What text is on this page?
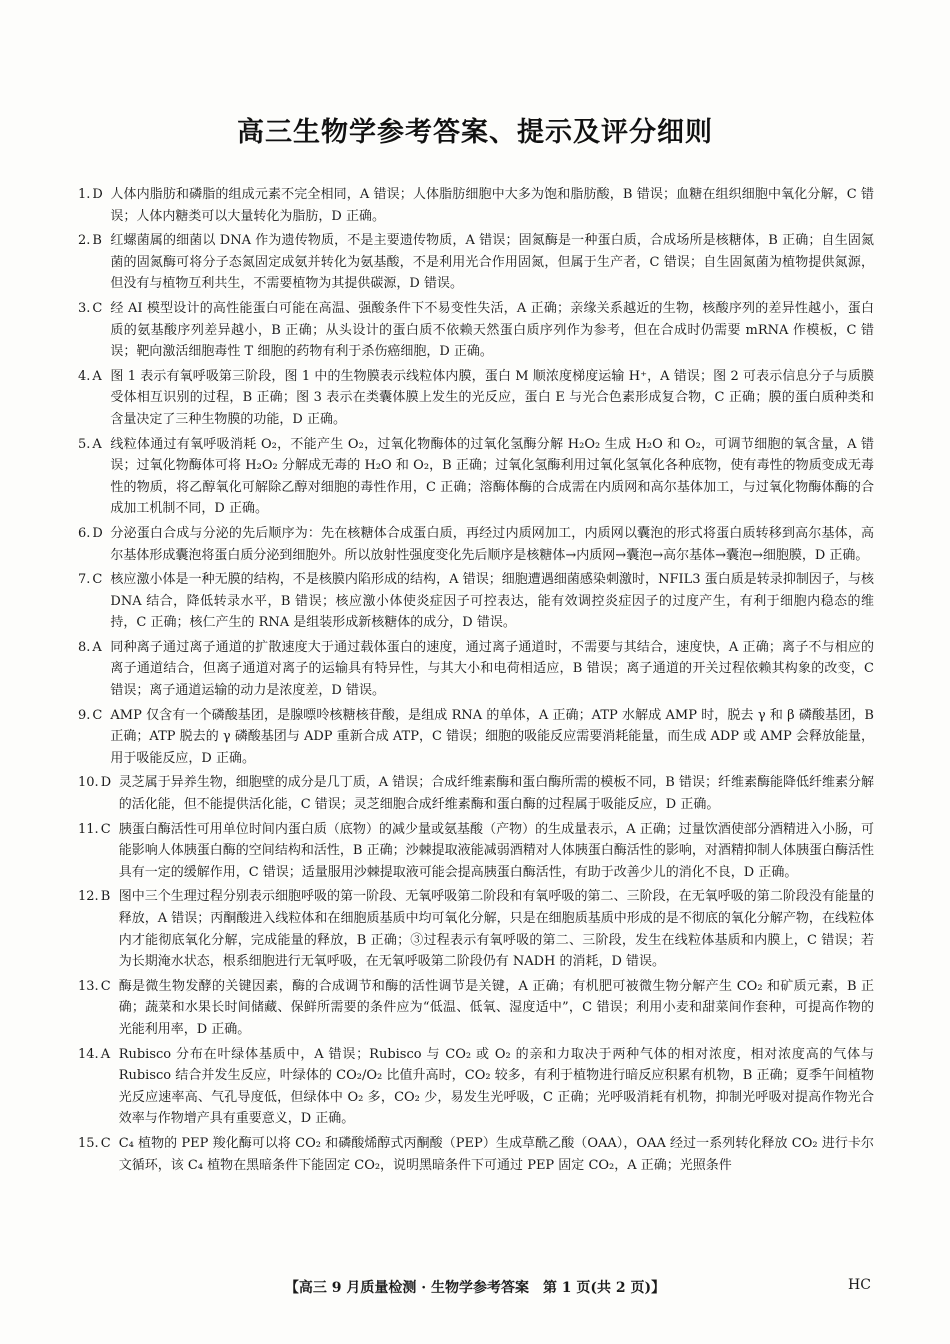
高三生物学参考答案、提示及评分细则
1. D 人体内脂肪和磷脂的组成元素不完全相同，A 错误；人体脂肪细胞中大多为饱和脂肪酸，B 错误；血糖在组织细胞中氧化分解，C 错误；人体内糖类可以大量转化为脂肪，D 正确。
2. B 红螺菌属的细菌以 DNA 作为遗传物质，不是主要遗传物质，A 错误；固氮酶是一种蛋白质，合成场所是核糖体，B 正确；自生固氮菌的固氮酶可将分子态氮固定成氨并转化为氨基酸，不是利用光合作用固氮，但属于生产者，C 错误；自生固氮菌为植物提供氮源，但没有与植物互利共生，不需要植物为其提供碳源，D 错误。
3. C 经 AI 模型设计的高性能蛋白可能在高温、强酸条件下不易变性失活，A 正确；亲缘关系越近的生物，核酸序列的差异性越小，蛋白质的氨基酸序列差异越小，B 正确；从头设计的蛋白质不依赖天然蛋白质序列作为参考，但在合成时仍需要 mRNA 作模板，C 错误；靶向激活细胞毒性 T 细胞的药物有利于杀伤癌细胞，D 正确。
4. A 图 1 表示有氧呼吸第三阶段，图 1 中的生物膜表示线粒体内膜，蛋白 M 顺浓度梯度运输 H⁺，A 错误；图 2 可表示信息分子与质膜受体相互识别的过程，B 正确；图 3 表示在类囊体膜上发生的光反应，蛋白 E 与光合色素形成复合物，C 正确；膜的蛋白质种类和含量决定了三种生物膜的功能，D 正确。
5. A 线粒体通过有氧呼吸消耗 O₂，不能产生 O₂，过氧化物酶体的过氧化氢酶分解 H₂O₂ 生成 H₂O 和 O₂，可调节细胞的氧含量，A 错误；过氧化物酶体可将 H₂O₂ 分解成无毒的 H₂O 和 O₂，B 正确；过氧化氢酶利用过氧化氢氧化各种底物，使有毒性的物质变成无毒性的物质，将乙醇氧化可解除乙醇对细胞的毒性作用，C 正确；溶酶体酶的合成需在内质网和高尔基体加工，与过氧化物酶体酶的合成加工机制不同，D 正确。
6. D 分泌蛋白合成与分泌的先后顺序为：先在核糖体合成蛋白质，再经过内质网加工，内质网以囊泡的形式将蛋白质转移到高尔基体，高尔基体形成囊泡将蛋白质分泌到细胞外。所以放射性强度变化先后顺序是核糖体→内质网→囊泡→高尔基体→囊泡→细胞膜，D 正确。
7. C 核应激小体是一种无膜的结构，不是核膜内陷形成的结构，A 错误；细胞遭遇细菌感染刺激时，NFIL3 蛋白质是转录抑制因子，与核 DNA 结合，降低转录水平，B 错误；核应激小体使炎症因子可控表达，能有效调控炎症因子的过度产生，有利于细胞内稳态的维持，C 正确；核仁产生的 RNA 是组装形成新核糖体的成分，D 错误。
8. A 同种离子通过离子通道的扩散速度大于通过载体蛋白的速度，通过离子通道时，不需要与其结合，速度快，A 正确；离子不与相应的离子通道结合，但离子通道对离子的运输具有特异性，与其大小和电荷相适应，B 错误；离子通道的开关过程依赖其构象的改变，C 错误；离子通道运输的动力是浓度差，D 错误。
9. C AMP 仅含有一个磷酸基团，是腺嘌呤核糖核苷酸，是组成 RNA 的单体，A 正确；ATP 水解成 AMP 时，脱去 γ 和 β 磷酸基团，B 正确；ATP 脱去的 γ 磷酸基团与 ADP 重新合成 ATP，C 错误；细胞的吸能反应需要消耗能量，而生成 ADP 或 AMP 会释放能量，用于吸能反应，D 正确。
10. D 灵芝属于异养生物，细胞壁的成分是几丁质，A 错误；合成纤维素酶和蛋白酶所需的模板不同，B 错误；纤维素酶能降低纤维素分解的活化能，但不能提供活化能，C 错误；灵芝细胞合成纤维素酶和蛋白酶的过程属于吸能反应，D 正确。
11. C 胰蛋白酶活性可用单位时间内蛋白质（底物）的减少量或氨基酸（产物）的生成量表示，A 正确；过量饮酒使部分酒精进入小肠，可能影响人体胰蛋白酶的空间结构和活性，B 正确；沙棘提取液能减弱酒精对人体胰蛋白酶活性的影响，对酒精抑制人体胰蛋白酶活性具有一定的缓解作用，C 错误；适量服用沙棘提取液可能会提高胰蛋白酶活性，有助于改善少儿的消化不良，D 正确。
12. B 图中三个生理过程分别表示细胞呼吸的第一阶段、无氧呼吸第二阶段和有氧呼吸的第二、三阶段，在无氧呼吸的第二阶段没有能量的释放，A 错误；丙酮酸进入线粒体和在细胞质基质中均可氧化分解，只是在细胞质基质中形成的是不彻底的氧化分解产物，在线粒体内才能彻底氧化分解，完成能量的释放，B 正确；③过程表示有氧呼吸的第二、三阶段，发生在线粒体基质和内膜上，C 错误；若为长期淹水状态，根系细胞进行无氧呼吸，在无氧呼吸第二阶段仍有 NADH 的消耗，D 错误。
13. C 酶是微生物发酵的关键因素，酶的合成调节和酶的活性调节是关键，A 正确；有机肥可被微生物分解产生 CO₂ 和矿质元素，B 正确；蔬菜和水果长时间储藏、保鲜所需要的条件应为“低温、低氧、湿度适中”，C 错误；利用小麦和甜菜间作套种，可提高作物的光能利用率，D 正确。
14. A Rubisco 分布在叶绿体基质中，A 错误；Rubisco 与 CO₂ 或 O₂ 的亲和力取决于两种气体的相对浓度，相对浓度高的气体与 Rubisco 结合并发生反应，叶绿体的 CO₂/O₂ 比值升高时，CO₂ 较多，有利于植物进行暗反应积累有机物，B 正确；夏季午间植物光反应速率高、气孔导度低，但绿体中 O₂ 多，CO₂ 少，易发生光呼吸，C 正确；光呼吸消耗有机物，抑制光呼吸对提高作物光合效率与作物增产具有重要意义，D 正确。
15. C C₄ 植物的 PEP 羧化酶可以将 CO₂ 和磷酸烯醇式丙酮酸（PEP）生成草酰乙酸（OAA），OAA 经过一系列转化释放 CO₂ 进行卡尔文循环，该 C₄ 植物在黑暗条件下能固定 CO₂，说明黑暗条件下可通过 PEP 固定 CO₂，A 正确；光照条件
【高三 9 月质量检测 · 生物学参考答案　第 1 页(共 2 页)】	HC
